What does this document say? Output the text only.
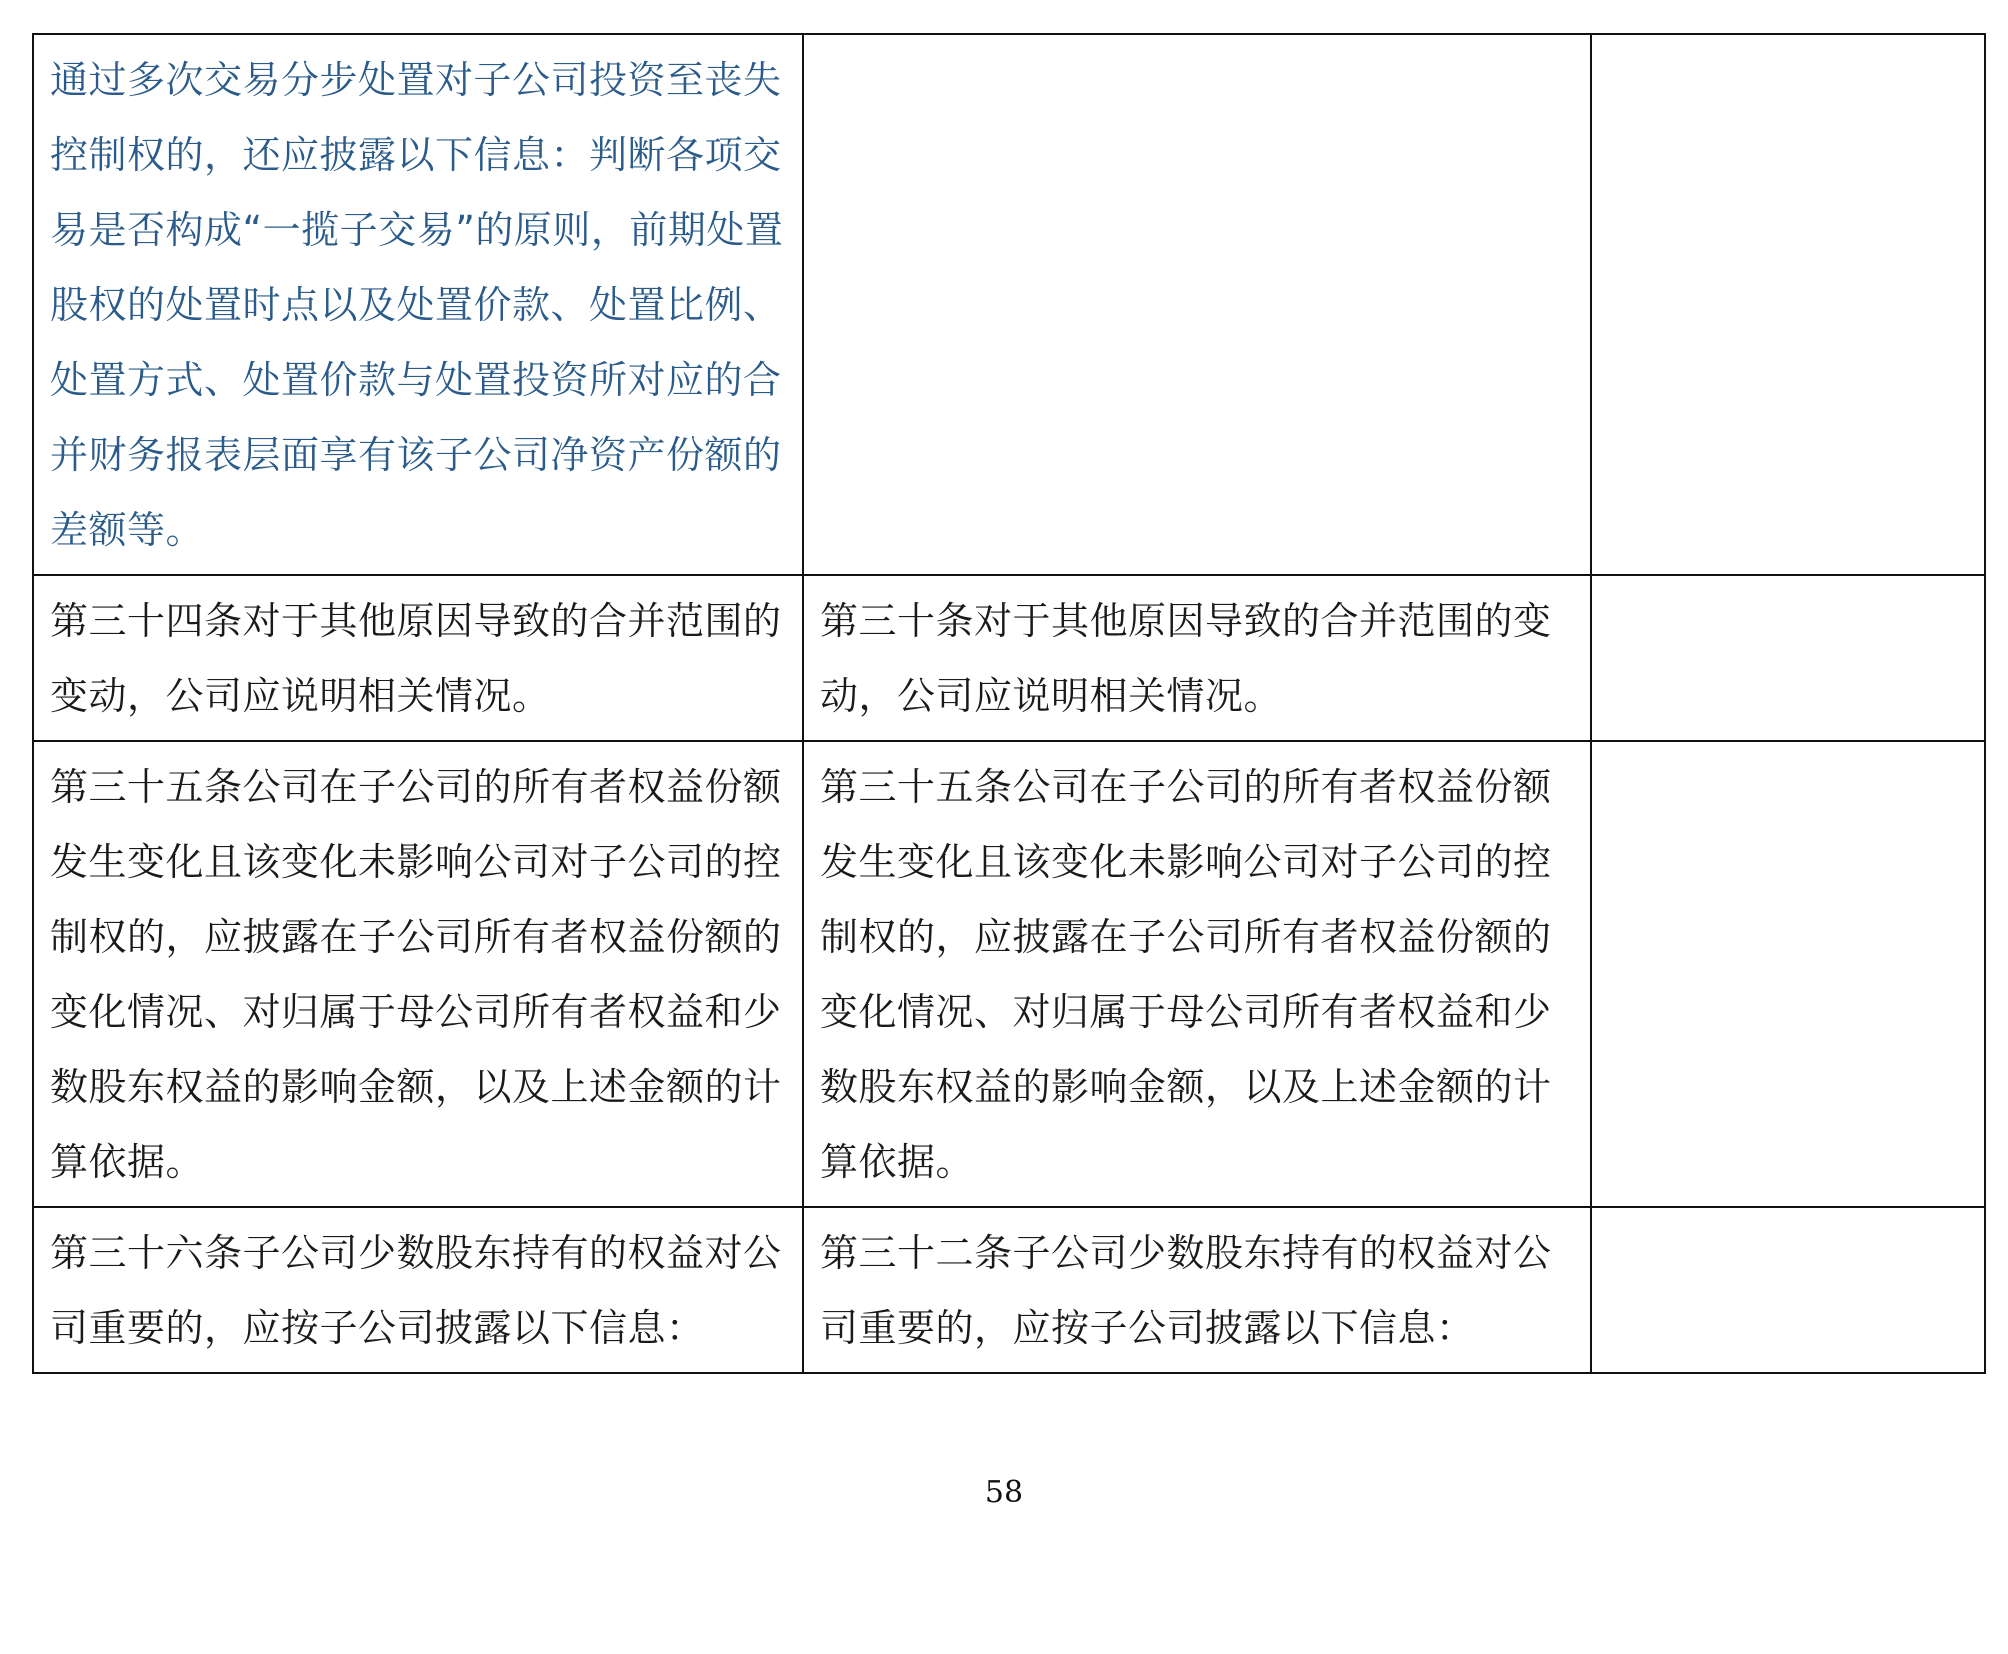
通过多次交易分步处置对子公司投资至丧失控制权的，还应披露以下信息：判断各项交易是否构成“一揽子交易”的原则，前期处置股权的处置时点以及处置价款、处置比例、处置方式、处置价款与处置投资所对应的合并财务报表层面享有该子公司净资产份额的差额等。		
第三十四条对于其他原因导致的合并范围的变动，公司应说明相关情况。	第三十条对于其他原因导致的合并范围的变动，公司应说明相关情况。	
第三十五条公司在子公司的所有者权益份额发生变化且该变化未影响公司对子公司的控制权的，应披露在子公司所有者权益份额的变化情况、对归属于母公司所有者权益和少数股东权益的影响金额，以及上述金额的计算依据。	第三十五条公司在子公司的所有者权益份额发生变化且该变化未影响公司对子公司的控制权的，应披露在子公司所有者权益份额的变化情况、对归属于母公司所有者权益和少数股东权益的影响金额，以及上述金额的计算依据。	
第三十六条子公司少数股东持有的权益对公司重要的，应按子公司披露以下信息：	第三十二条子公司少数股东持有的权益对公司重要的，应按子公司披露以下信息：	
58
